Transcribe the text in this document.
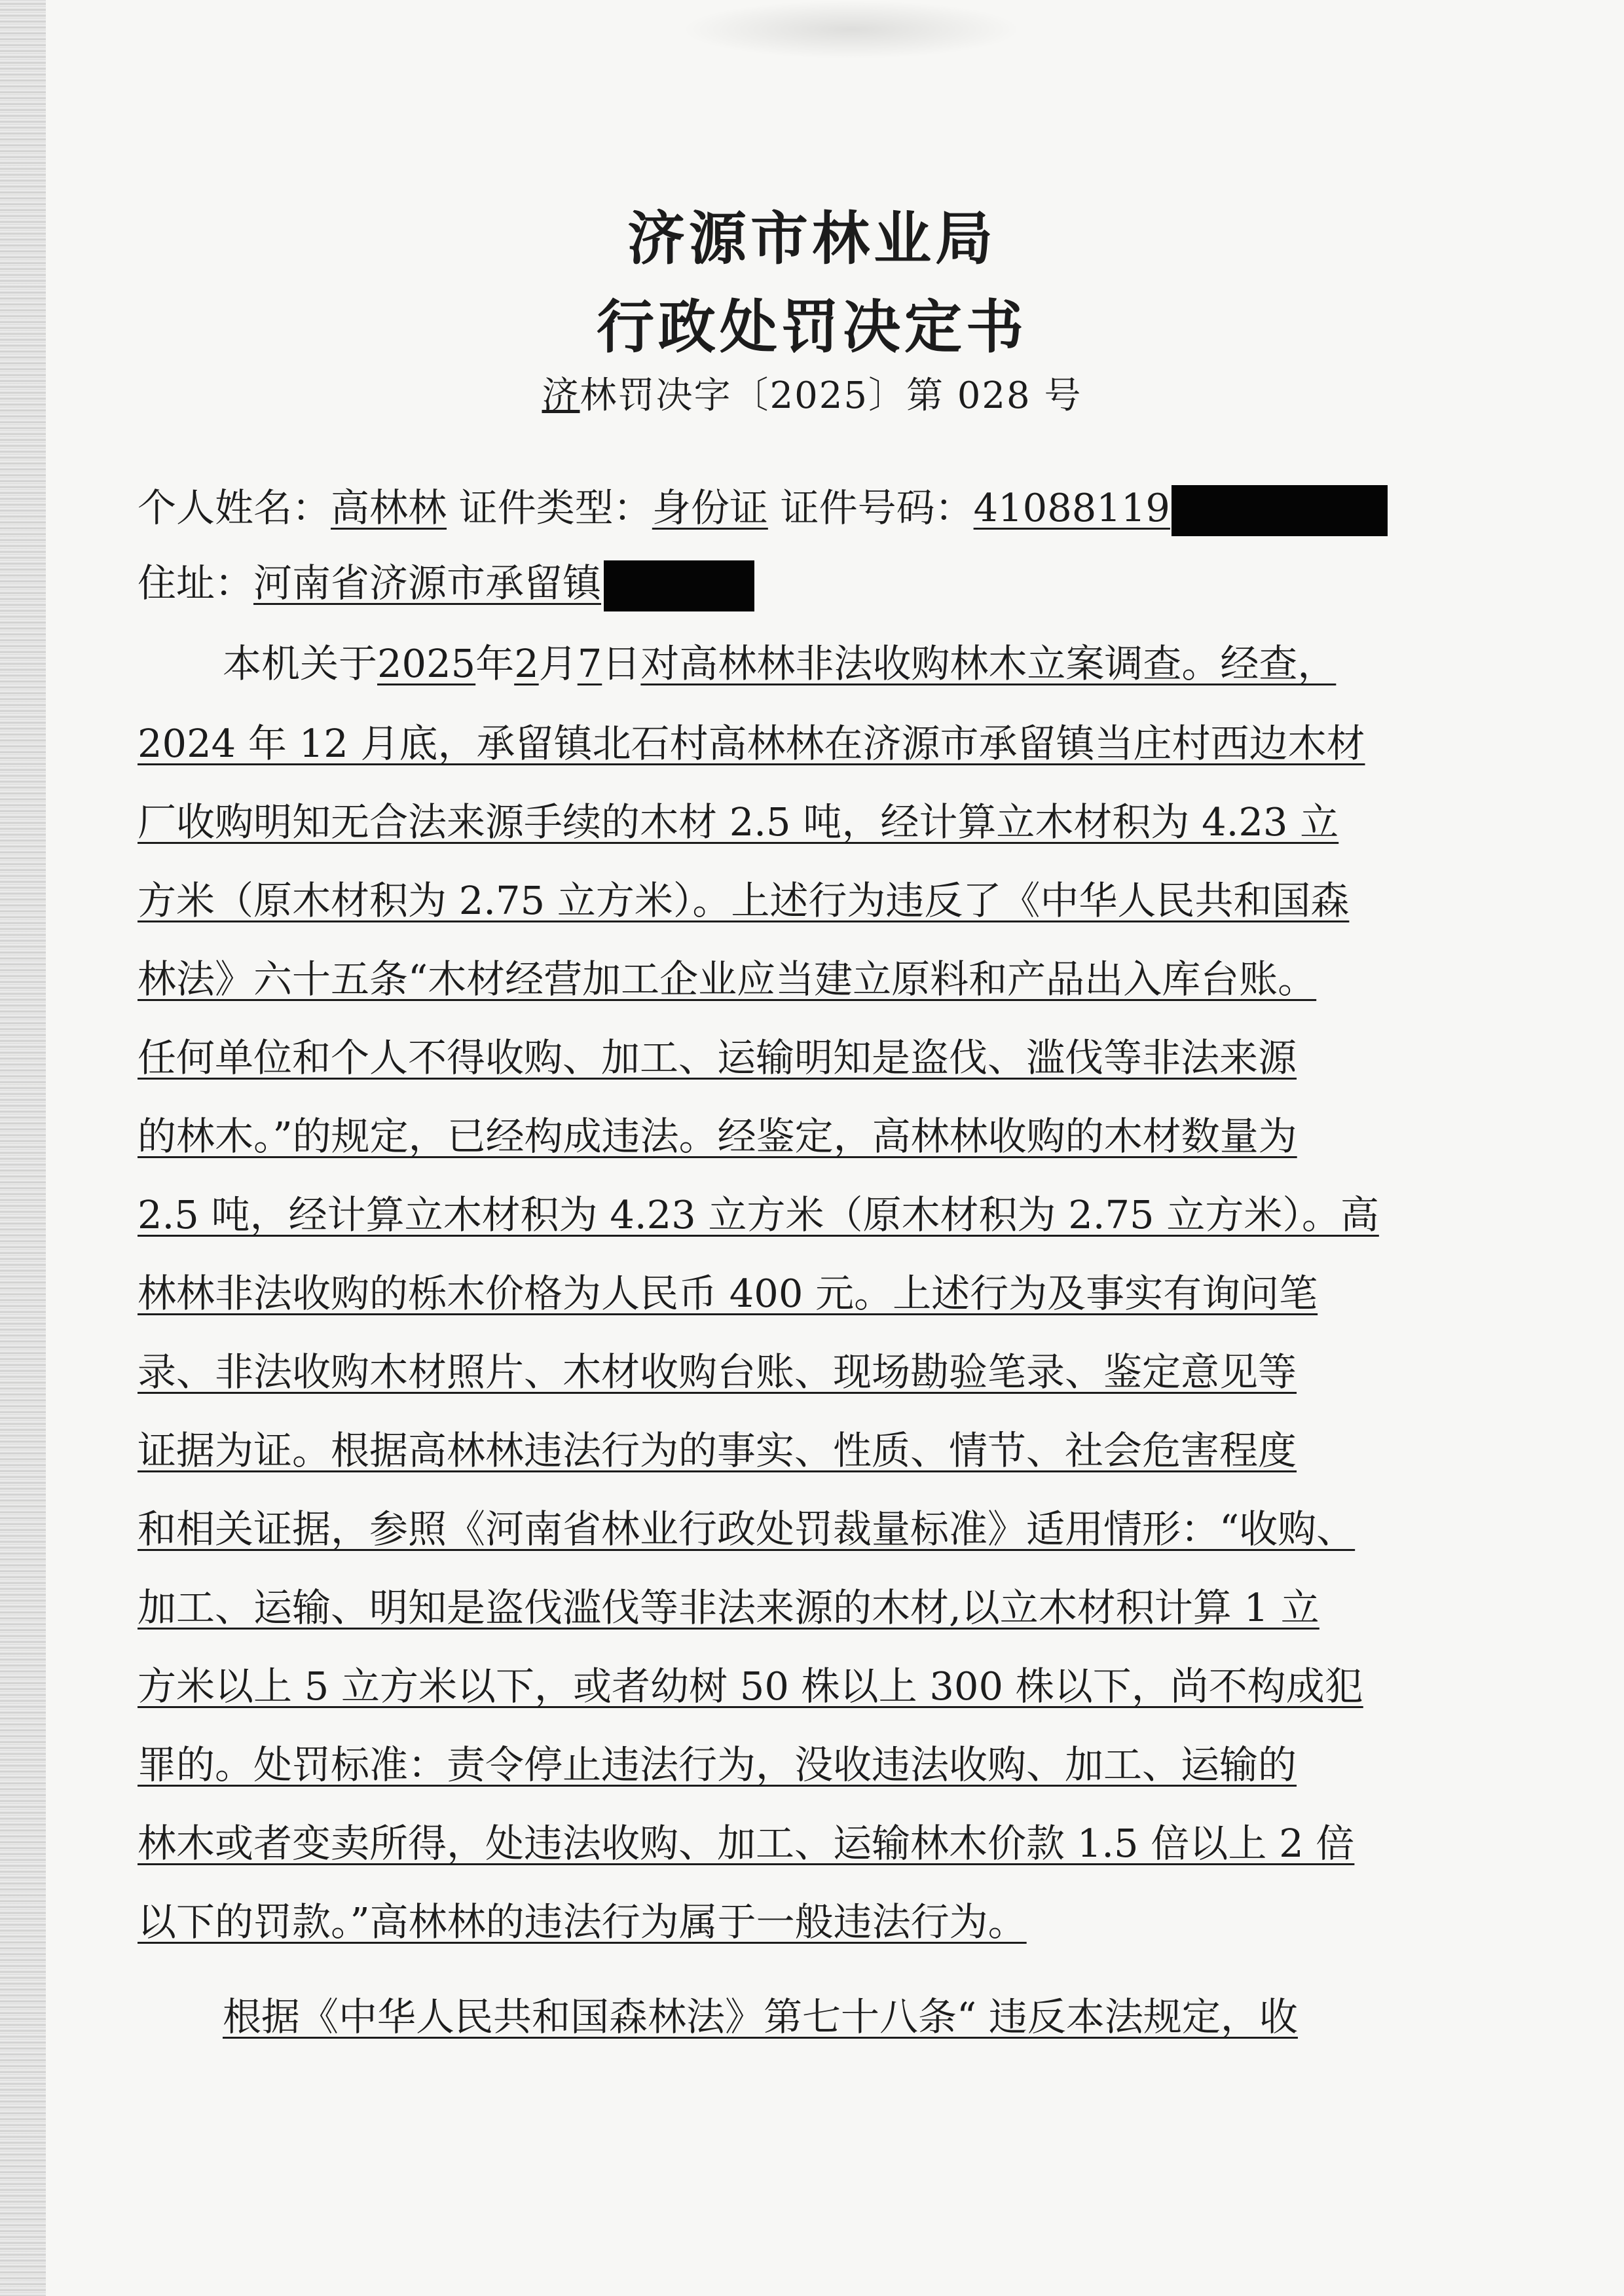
济源市林业局
行政处罚决定书
济林罚决字〔2025〕第 028 号
个人姓名：高林林 证件类型：身份证 证件号码：41088119
住址：河南省济源市承留镇
本机关于2025年2月7日对高林林非法收购林木立案调查。经查，
2024 年 12 月底，承留镇北石村高林林在济源市承留镇当庄村西边木材
厂收购明知无合法来源手续的木材 2.5 吨，经计算立木材积为 4.23 立
方米（原木材积为 2.75 立方米）。上述行为违反了《中华人民共和国森
林法》六十五条“木材经营加工企业应当建立原料和产品出入库台账。
任何单位和个人不得收购、加工、运输明知是盗伐、滥伐等非法来源
的林木。”的规定，已经构成违法。经鉴定，高林林收购的木材数量为
2.5 吨，经计算立木材积为 4.23 立方米（原木材积为 2.75 立方米）。高
林林非法收购的栎木价格为人民币 400 元。上述行为及事实有询问笔
录、非法收购木材照片、木材收购台账、现场勘验笔录、鉴定意见等
证据为证。根据高林林违法行为的事实、性质、情节、社会危害程度
和相关证据，参照《河南省林业行政处罚裁量标准》适用情形：“收购、
加工、运输、明知是盗伐滥伐等非法来源的木材,以立木材积计算 1 立
方米以上 5 立方米以下，或者幼树 50 株以上 300 株以下，尚不构成犯
罪的。处罚标准：责令停止违法行为，没收违法收购、加工、运输的
林木或者变卖所得，处违法收购、加工、运输林木价款 1.5 倍以上 2 倍
以下的罚款。”高林林的违法行为属于一般违法行为。
根据《中华人民共和国森林法》第七十八条“ 违反本法规定，收
